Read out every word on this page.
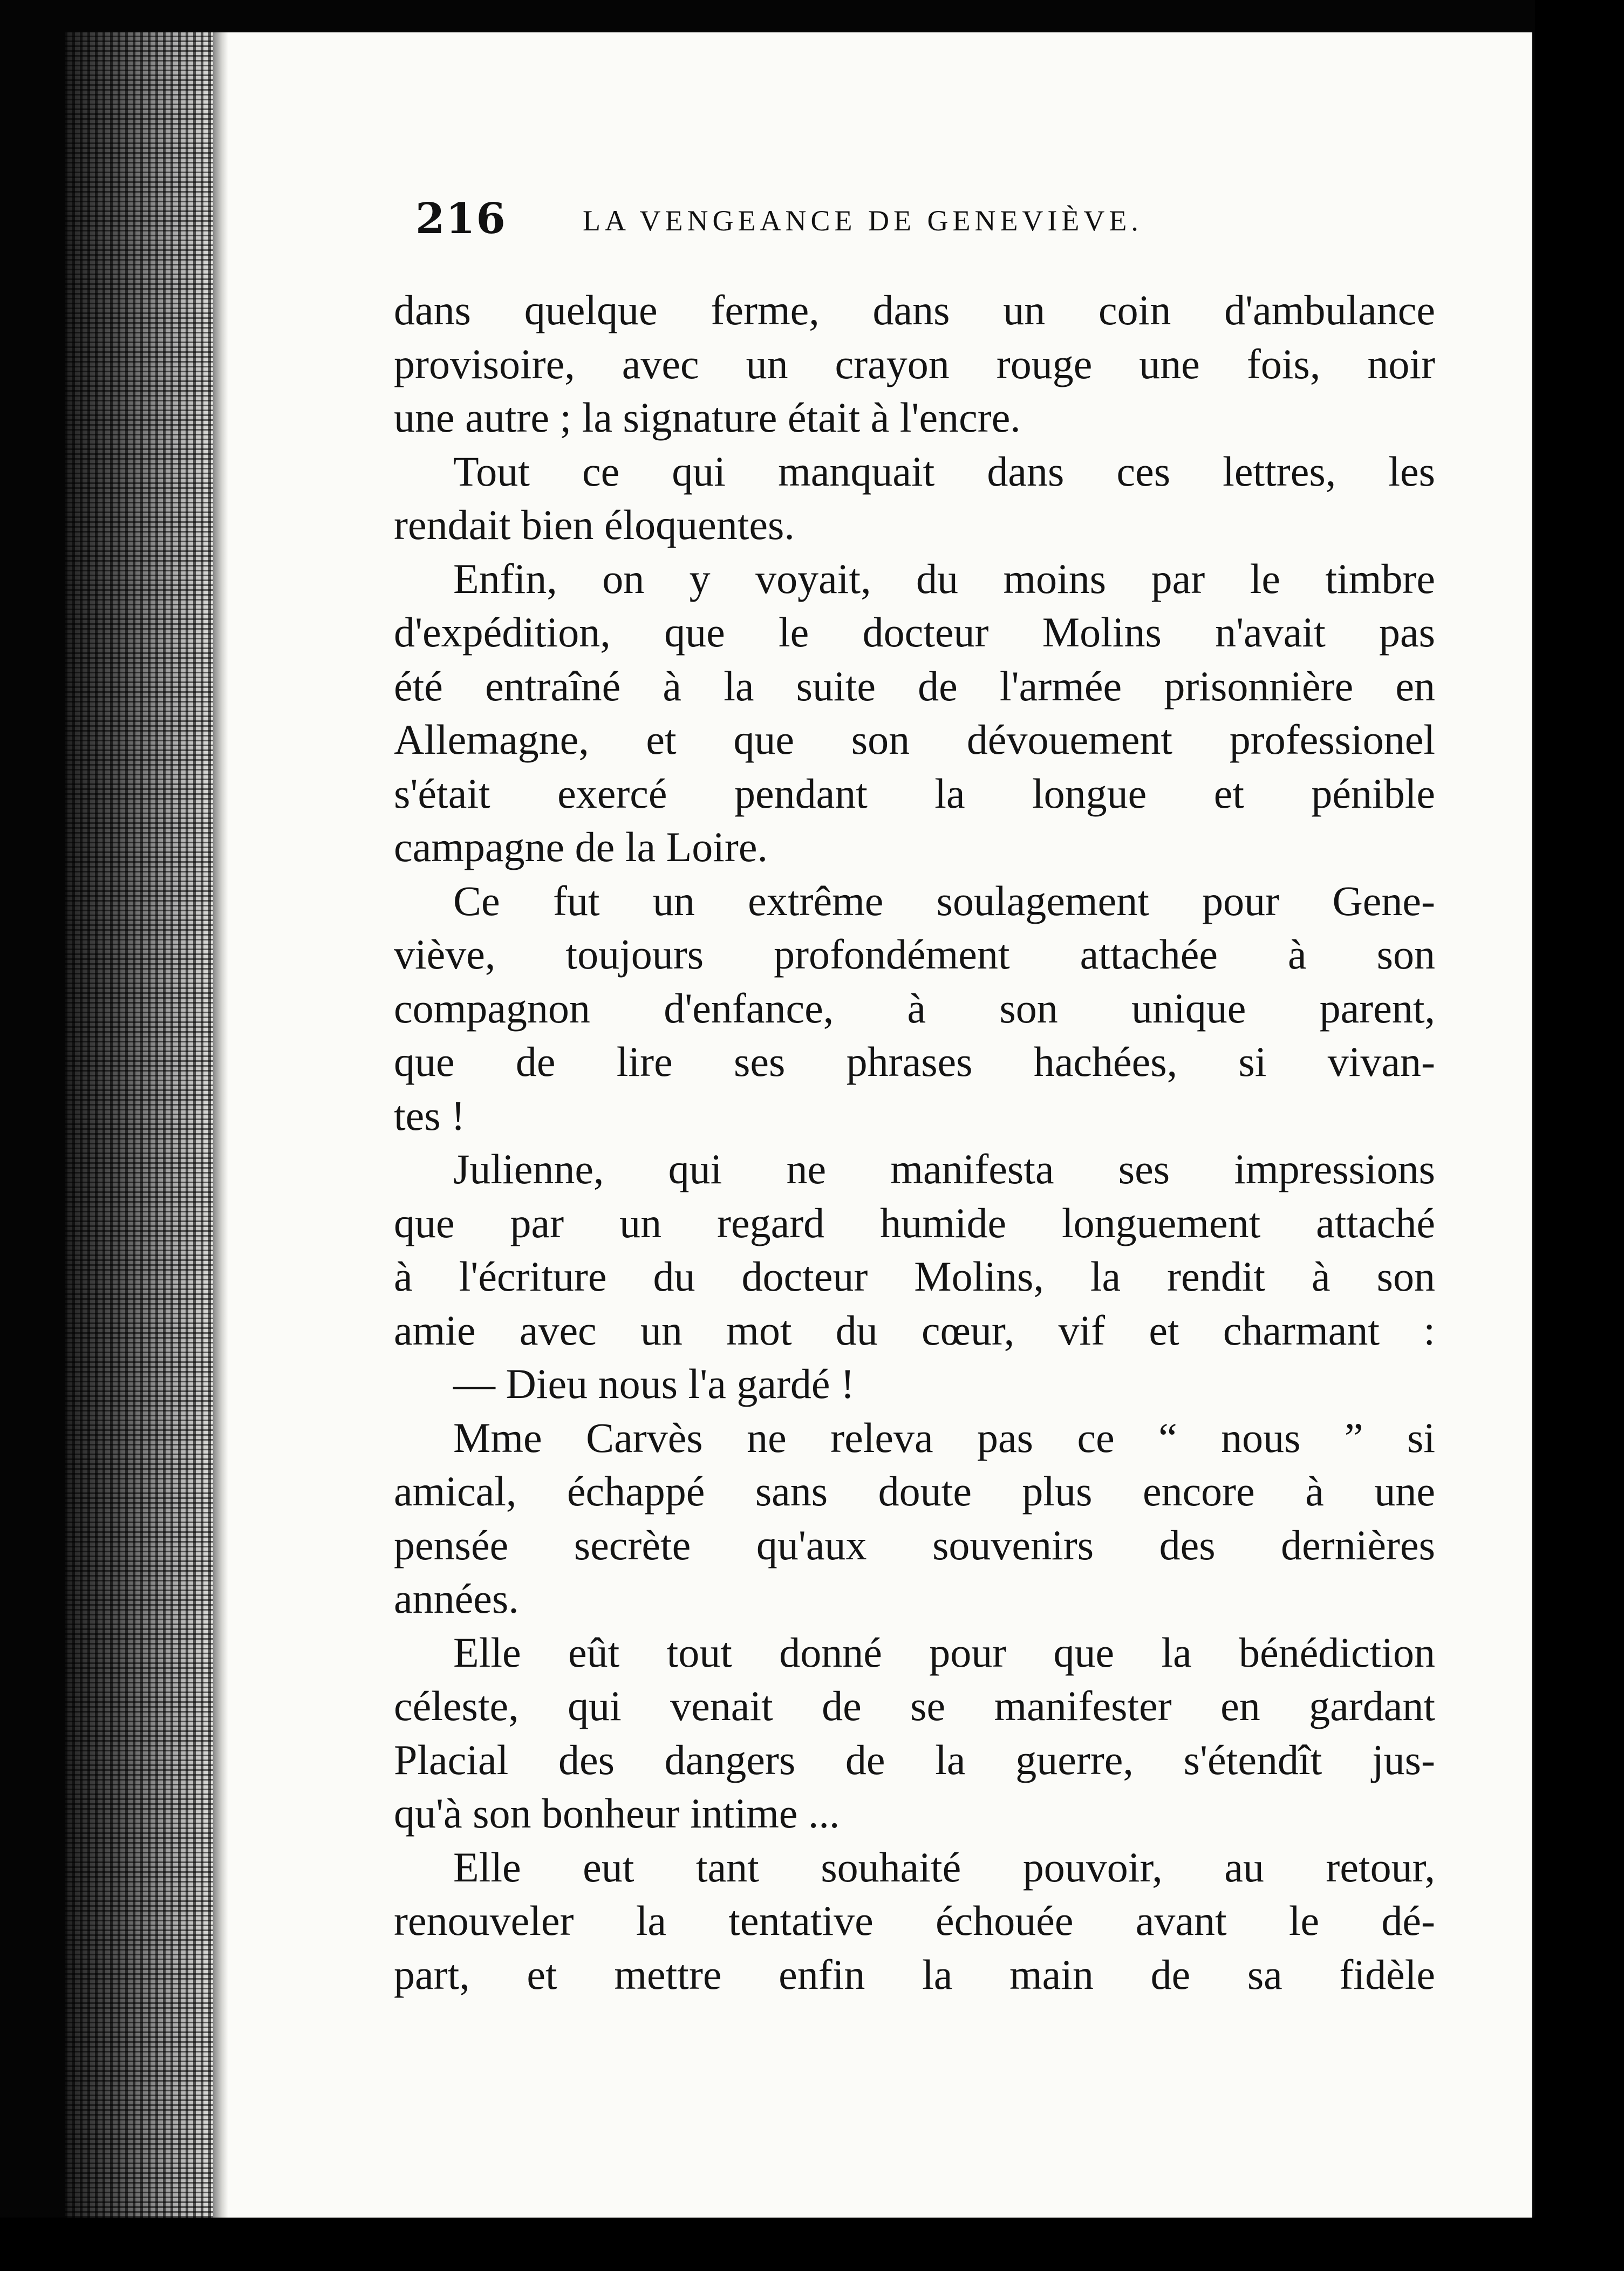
216	LA VENGEANCE DE GENEVIÈVE.
dans quelque ferme, dans un coin d'ambulance
provisoire, avec un crayon rouge une fois, noir
une autre ; la signature était à l'encre.
Tout ce qui manquait dans ces lettres, les
rendait bien éloquentes.
Enfin, on y voyait, du moins par le timbre
d'expédition, que le docteur Molins n'avait pas
été entraîné à la suite de l'armée prisonnière en
Allemagne, et que son dévouement professionel
s'était exercé pendant la longue et pénible
campagne de la Loire.
Ce fut un extrême soulagement pour Gene-
viève, toujours profondément attachée à son
compagnon d'enfance, à son unique parent,
que de lire ses phrases hachées, si vivan-
tes !
Julienne, qui ne manifesta ses impressions
que par un regard humide longuement attaché
à l'écriture du docteur Molins, la rendit à son
amie avec un mot du cœur, vif et charmant :
— Dieu nous l'a gardé !
Mme Carvès ne releva pas ce “ nous ” si
amical, échappé sans doute plus encore à une
pensée secrète qu'aux souvenirs des dernières
années.
Elle eût tout donné pour que la bénédiction
céleste, qui venait de se manifester en gardant
Placial des dangers de la guerre, s'étendît jus-
qu'à son bonheur intime ...
Elle eut tant souhaité pouvoir, au retour,
renouveler la tentative échouée avant le dé-
part, et mettre enfin la main de sa fidèle
